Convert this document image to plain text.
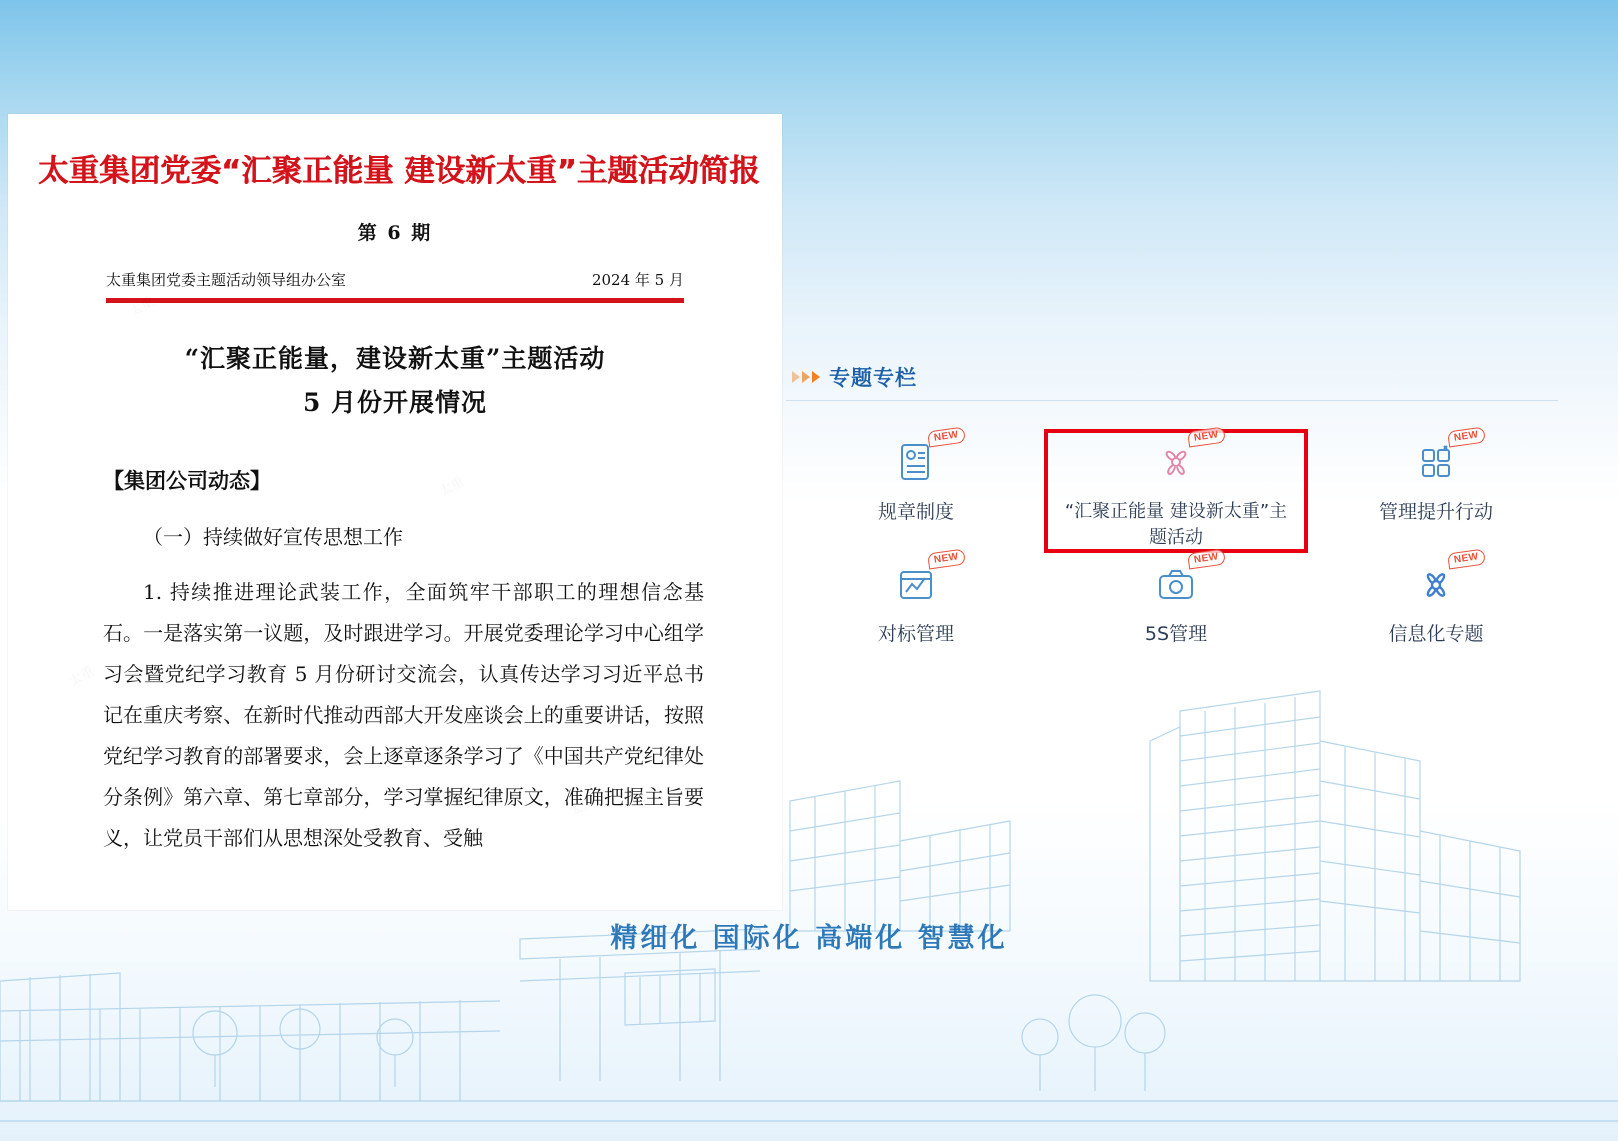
精细化 国际化 高端化 智慧化
专题专栏
NEW
规章制度
NEW
“汇聚正能量 建设新太重”主题活动
NEW
管理提升行动
NEW
对标管理
NEW
5S管理
NEW
信息化专题
太重集团党委“汇聚正能量 建设新太重”主题活动简报
第 6 期
太重集团党委主题活动领导组办公室	2024 年 5 月
“汇聚正能量，建设新太重”主题活动
5 月份开展情况
【集团公司动态】
（一）持续做好宣传思想工作
1. 持续推进理论武装工作，全面筑牢干部职工的理想信念基石。一是落实第一议题，及时跟进学习。开展党委理论学习中心组学习会暨党纪学习教育 5 月份研讨交流会，认真传达学习习近平总书记在重庆考察、在新时代推动西部大开发座谈会上的重要讲话，按照党纪学习教育的部署要求，会上逐章逐条学习了《中国共产党纪律处分条例》第六章、第七章部分，学习掌握纪律原文，准确把握主旨要义，让党员干部们从思想深处受教育、受触
